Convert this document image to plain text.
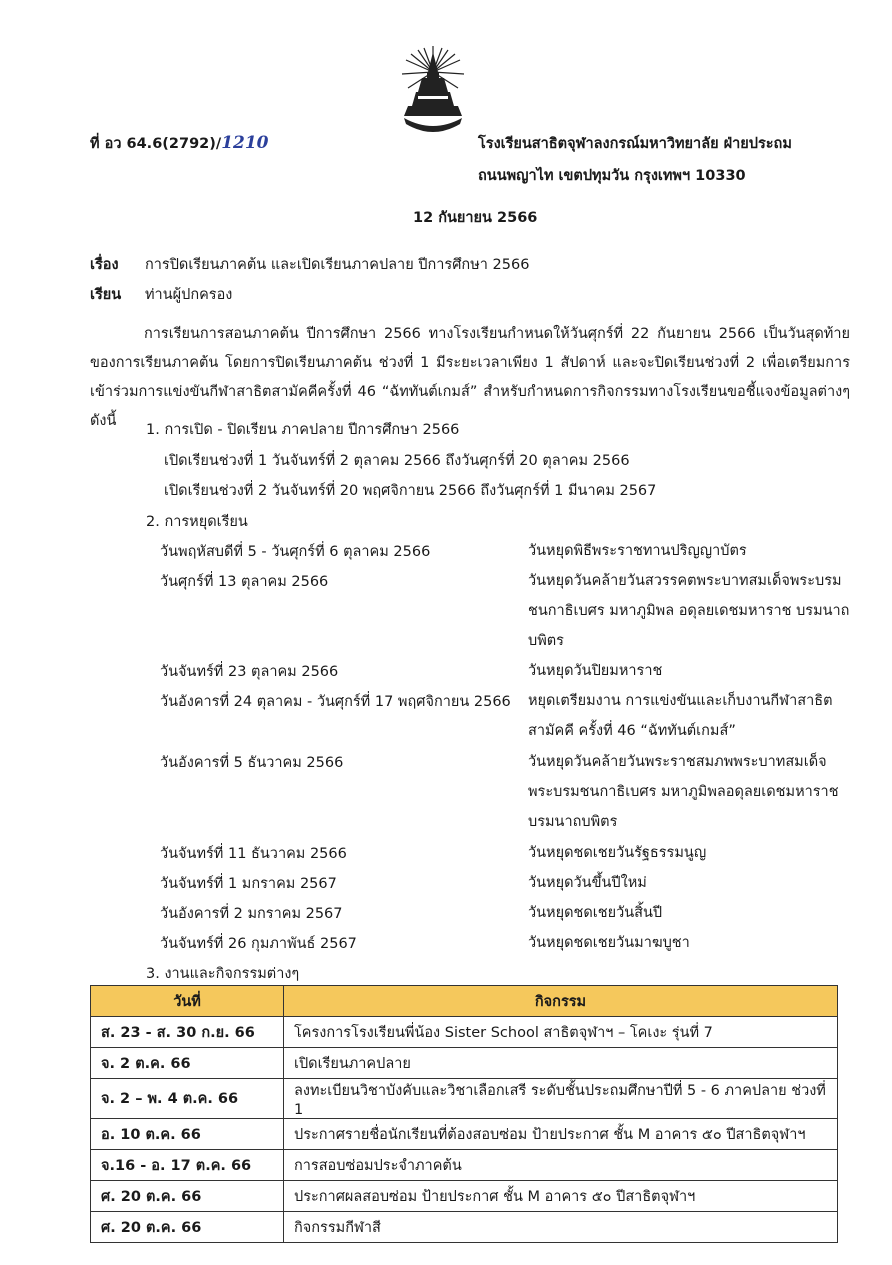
ที่ อว 64.6(2792)/1210	โรงเรียนสาธิตจุฬาลงกรณ์มหาวิทยาลัย ฝ่ายประถม
ถนนพญาไท เขตปทุมวัน กรุงเทพฯ 10330
12 กันยายน 2566
เรื่อง การปิดเรียนภาคต้น และเปิดเรียนภาคปลาย ปีการศึกษา 2566
เรียน ท่านผู้ปกครอง
การเรียนการสอนภาคต้น ปีการศึกษา 2566 ทางโรงเรียนกำหนดให้วันศุกร์ที่ 22 กันยายน 2566 เป็นวันสุดท้ายของการเรียนภาคต้น โดยการปิดเรียนภาคต้น ช่วงที่ 1 มีระยะเวลาเพียง 1 สัปดาห์ และจะปิดเรียนช่วงที่ 2 เพื่อเตรียมการเข้าร่วมการแข่งขันกีฬาสาธิตสามัคคีครั้งที่ 46 “ฉัททันต์เกมส์” สำหรับกำหนดการกิจกรรมทางโรงเรียนขอชี้แจงข้อมูลต่างๆ ดังนี้
1. การเปิด - ปิดเรียน ภาคปลาย ปีการศึกษา 2566
เปิดเรียนช่วงที่ 1 วันจันทร์ที่ 2 ตุลาคม 2566 ถึงวันศุกร์ที่ 20 ตุลาคม 2566
เปิดเรียนช่วงที่ 2 วันจันทร์ที่ 20 พฤศจิกายน 2566 ถึงวันศุกร์ที่ 1 มีนาคม 2567
2. การหยุดเรียน
วันพฤหัสบดีที่ 5 - วันศุกร์ที่ 6 ตุลาคม 2566	วันหยุดพิธีพระราชทานปริญญาบัตร
วันศุกร์ที่ 13 ตุลาคม 2566	วันหยุดวันคล้ายวันสวรรคตพระบาทสมเด็จพระบรมชนกาธิเบศร มหาภูมิพล อดุลยเดชมหาราช บรมนาถบพิตร
วันจันทร์ที่ 23 ตุลาคม 2566	วันหยุดวันปิยมหาราช
วันอังคารที่ 24 ตุลาคม - วันศุกร์ที่ 17 พฤศจิกายน 2566 หยุดเตรียมงาน การแข่งขันและเก็บงานกีฬาสาธิตสามัคคี ครั้งที่ 46 “ฉัททันต์เกมส์”
วันอังคารที่ 5 ธันวาคม 2566	วันหยุดวันคล้ายวันพระราชสมภพพระบาทสมเด็จพระบรมชนกาธิเบศร มหาภูมิพลอดุลยเดชมหาราช บรมนาถบพิตร
วันจันทร์ที่ 11 ธันวาคม 2566	วันหยุดชดเชยวันรัฐธรรมนูญ
วันจันทร์ที่ 1 มกราคม 2567	วันหยุดวันขึ้นปีใหม่
วันอังคารที่ 2 มกราคม 2567	วันหยุดชดเชยวันสิ้นปี
วันจันทร์ที่ 26 กุมภาพันธ์ 2567	วันหยุดชดเชยวันมาฆบูชา
3. งานและกิจกรรมต่างๆ
วันที่	กิจกรรม
ส. 23 - ส. 30 ก.ย. 66	โครงการโรงเรียนพี่น้อง Sister School สาธิตจุฬาฯ – โคเงะ รุ่นที่ 7
จ. 2 ต.ค. 66	เปิดเรียนภาคปลาย
จ. 2 – พ. 4 ต.ค. 66	ลงทะเบียนวิชาบังคับและวิชาเลือกเสรี ระดับชั้นประถมศึกษาปีที่ 5 - 6 ภาคปลาย ช่วงที่ 1
อ. 10 ต.ค. 66	ประกาศรายชื่อนักเรียนที่ต้องสอบซ่อม ป้ายประกาศ ชั้น M อาคาร ๕๐ ปีสาธิตจุฬาฯ
จ.16 - อ. 17 ต.ค. 66	การสอบซ่อมประจำภาคต้น
ศ. 20 ต.ค. 66	ประกาศผลสอบซ่อม ป้ายประกาศ ชั้น M อาคาร ๕๐ ปีสาธิตจุฬาฯ
ศ. 20 ต.ค. 66	กิจกรรมกีฬาสี
